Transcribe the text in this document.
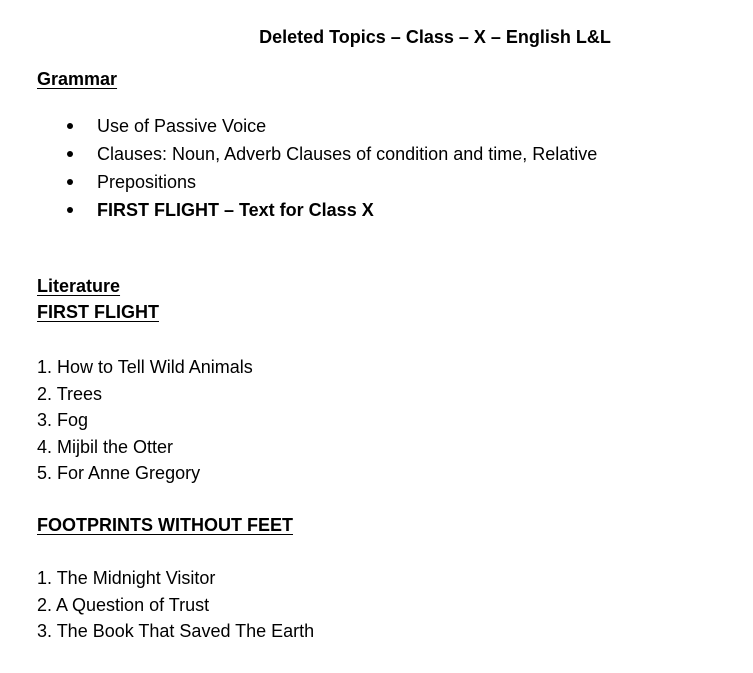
Deleted Topics – Class – X – English L&L
Grammar
Use of Passive Voice
Clauses: Noun, Adverb Clauses of condition and time, Relative
Prepositions
FIRST FLIGHT – Text for Class X
Literature
FIRST FLIGHT
1. How to Tell Wild Animals
2. Trees
3. Fog
4. Mijbil the Otter
5. For Anne Gregory
FOOTPRINTS WITHOUT FEET
1. The Midnight Visitor
2. A Question of Trust
3. The Book That Saved The Earth
